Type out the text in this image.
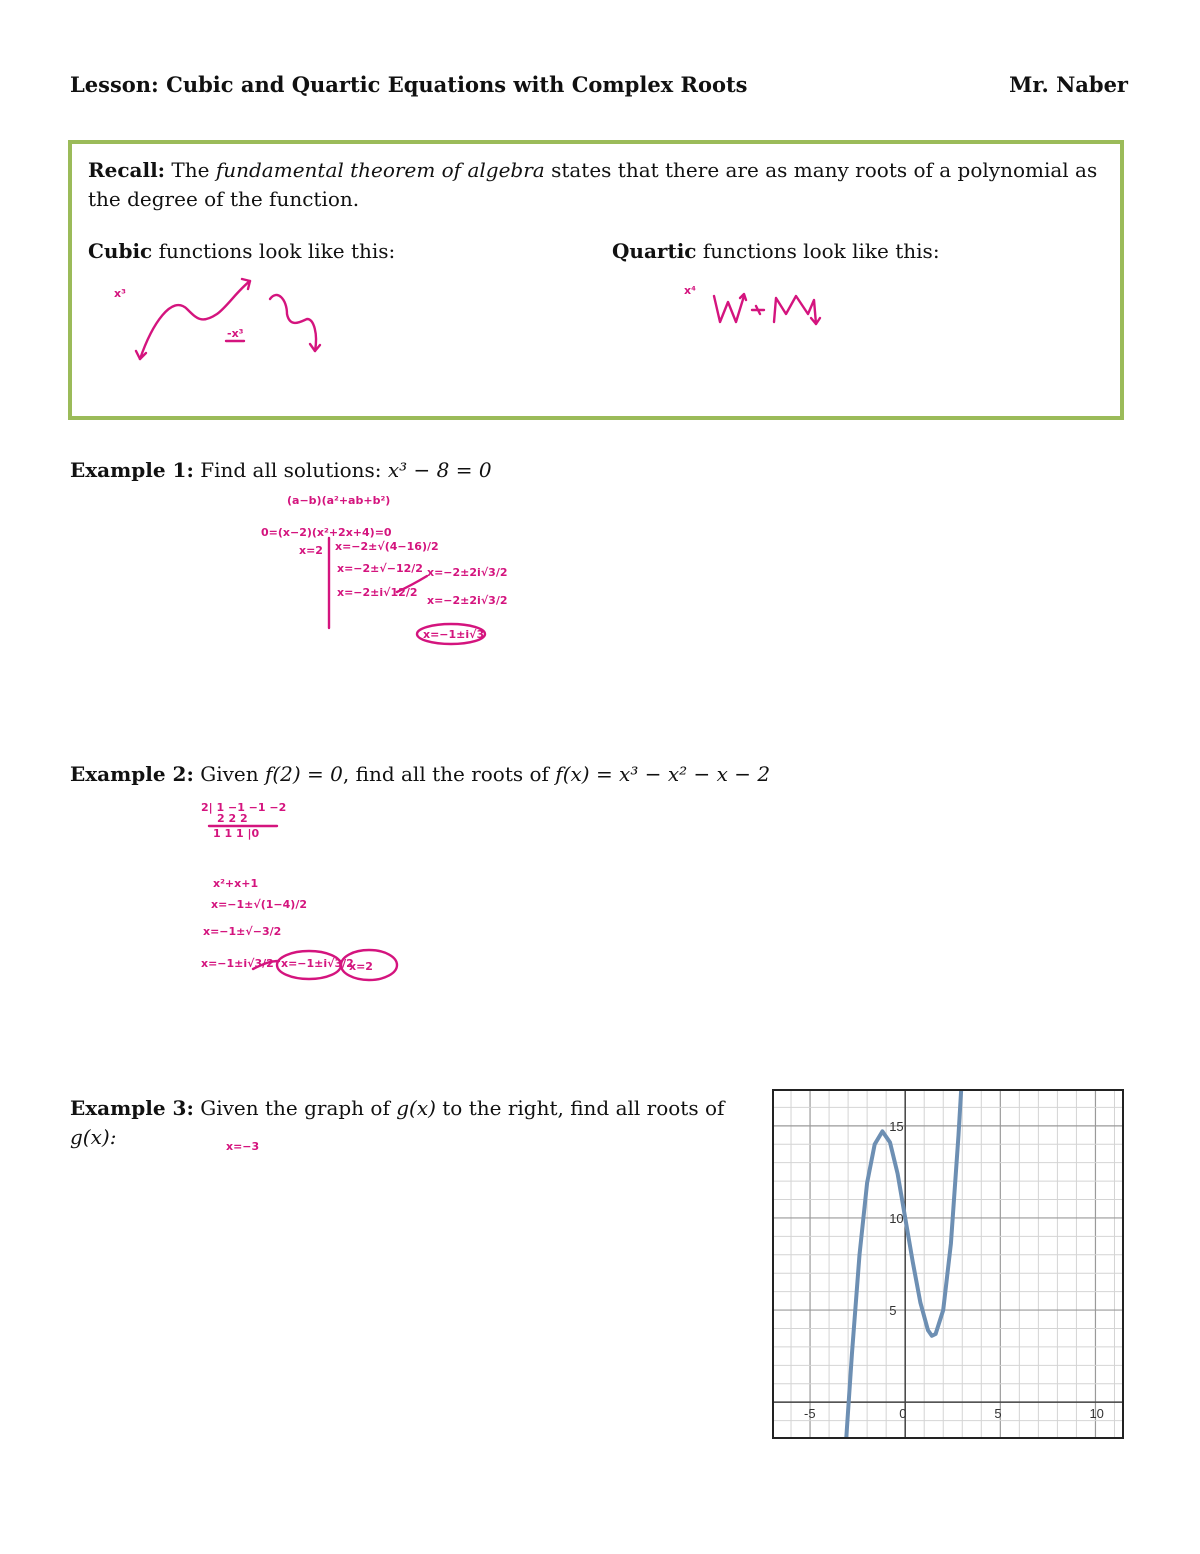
Lesson: Cubic and Quartic Equations with Complex Roots	Mr. Naber
Recall: The fundamental theorem of algebra states that there are as many roots of a polynomial as the degree of the function.
Cubic functions look like this:	Quartic functions look like this:
x³
-x³
x⁴
Example 1: Find all solutions: x³ − 8 = 0
(a−b)(a²+ab+b²)
0=(x−2)(x²+2x+4)=0
x=2 x=−2±√(4−16)/2
x=−2±√−12/2
x=−2±i√12/2
x=−2±2i√3/2
x=−2±2i√3/2
x=−1±i√3
Example 2: Given f(2) = 0, find all the roots of f(x) = x³ − x² − x − 2
2| 1 −1 −1 −2
2 2 2
1 1 1 |0
x²+x+1
x=−1±√(1−4)/2
x=−1±√−3/2
x=−1±i√3/2 x=−1±i√3/2
x=2
Example 3: Given the graph of g(x) to the right, find all roots of g(x):	x=−3
-5	0	5	10
5
10
15
